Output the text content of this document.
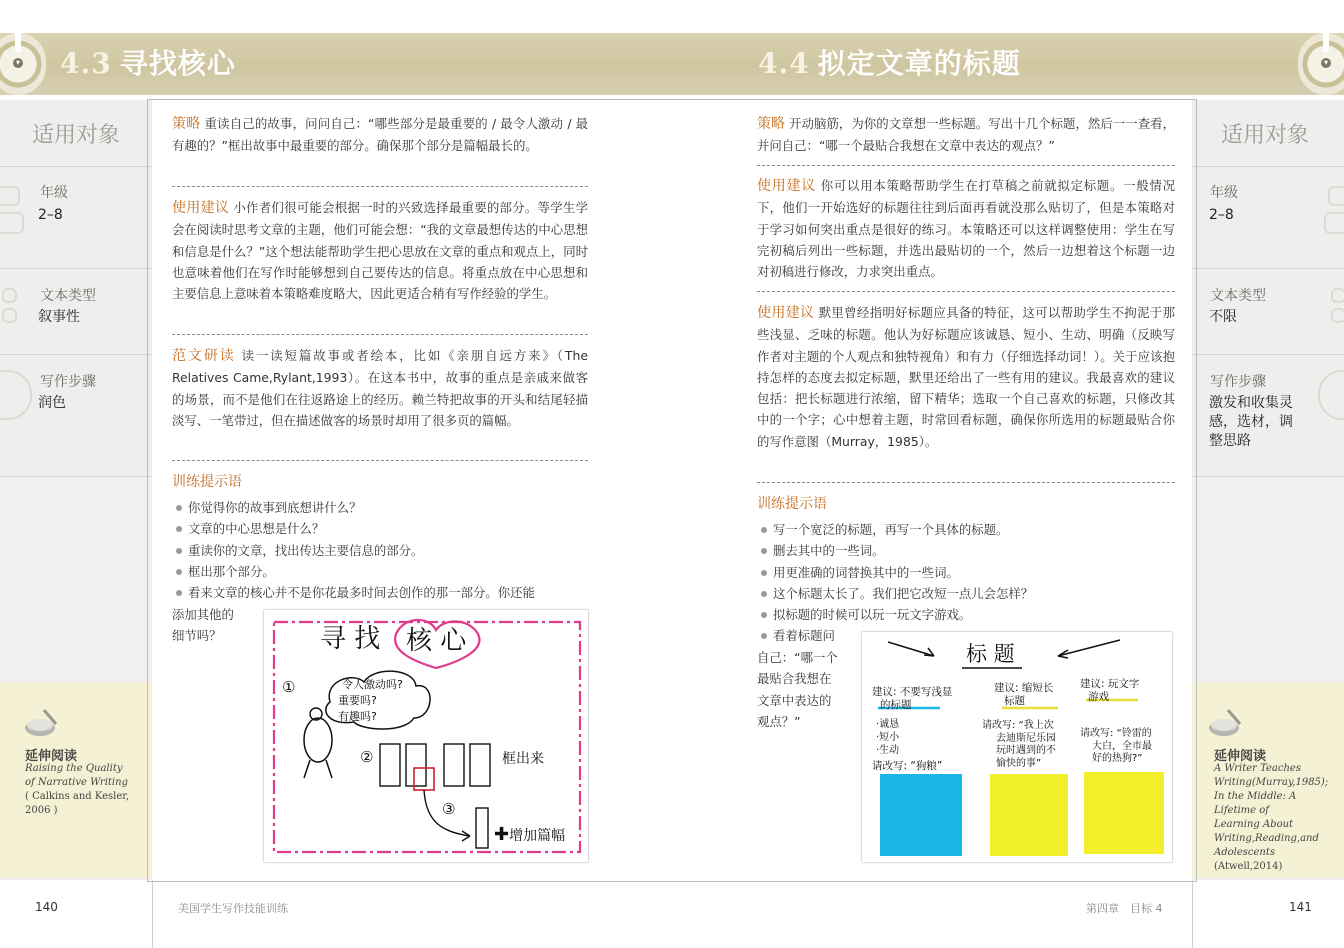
▾	▾
4.3 寻找核心	4.4 拟定文章的标题
适用对象
年级
2–8
文本类型
叙事性
写作步骤
润色
延伸阅读
Raising the Quality
of Narrative Writing
( Calkins and Kesler,
2006 )
适用对象
年级
2–8
文本类型
不限
写作步骤
激发和收集灵
感，选材，调
整思路
延伸阅读
A Writer Teaches
Writing(Murray,1985);
In the Middle: A
Lifetime of
Learning About
Writing,Reading,and
Adolescents
(Atwell,2014)
策略 重读自己的故事，问问自己：“哪些部分是最重要的 / 最令人激动 / 最有趣的？”框出故事中最重要的部分。确保那个部分是篇幅最长的。
使用建议 小作者们很可能会根据一时的兴致选择最重要的部分。等学生学会在阅读时思考文章的主题，他们可能会想：“我的文章最想传达的中心思想和信息是什么？”这个想法能帮助学生把心思放在文章的重点和观点上，同时也意味着他们在写作时能够想到自己要传达的信息。将重点放在中心思想和主要信息上意味着本策略难度略大，因此更适合稍有写作经验的学生。
范文研读 读一读短篇故事或者绘本，比如《亲朋自远方来》（The Relatives Came,Rylant,1993）。在这本书中，故事的重点是亲戚来做客的场景，而不是他们在往返路途上的经历。赖兰特把故事的开头和结尾轻描淡写、一笔带过，但在描述做客的场景时却用了很多页的篇幅。
训练提示语
你觉得你的故事到底想讲什么？
文章的中心思想是什么？
重读你的文章，找出传达主要信息的部分。
框出那个部分。
看来文章的核心并不是你花最多时间去创作的那一部分。你还能
添加其他的
细节吗？	寻 找 核 心
令人激动吗?
重要吗?
有趣吗?
①
②
③
框出来
✚增加篇幅
策略 开动脑筋，为你的文章想一些标题。写出十几个标题，然后一一查看，并问自己：“哪一个最贴合我想在文章中表达的观点？”
使用建议 你可以用本策略帮助学生在打草稿之前就拟定标题。一般情况下，他们一开始选好的标题往往到后面再看就没那么贴切了，但是本策略对于学习如何突出重点是很好的练习。本策略还可以这样调整使用：学生在写完初稿后列出一些标题，并选出最贴切的一个，然后一边想着这个标题一边对初稿进行修改，力求突出重点。
使用建议 默里曾经指明好标题应具备的特征，这可以帮助学生不拘泥于那些浅显、乏味的标题。他认为好标题应该诚恳、短小、生动、明确（反映写作者对主题的个人观点和独特视角）和有力（仔细选择动词！）。关于应该抱持怎样的态度去拟定标题，默里还给出了一些有用的建议。我最喜欢的建议包括：把长标题进行浓缩，留下精华；选取一个自己喜欢的标题，只修改其中的一个字；心中想着主题，时常回看标题，确保你所选用的标题最贴合你的写作意图（Murray，1985）。
训练提示语
写一个宽泛的标题，再写一个具体的标题。
删去其中的一些词。
用更准确的词替换其中的一些词。
这个标题太长了。我们把它改短一点儿会怎样？
拟标题的时候可以玩一玩文字游戏。
看着标题问
自己：“哪一个
最贴合我想在
文章中表达的
观点？”
标 题
建议: 不要写浅显
的标题
建议: 缩短长
标题
建议: 玩文字
游戏
·诚恳
·短小
·生动
请改写: “狗粮”
请改写: “我上次
去迪斯尼乐园
玩时遇到的不
愉快的事”
请改写: “铃雷的
大白，全市最
好的热狗?”
140	美国学生写作技能训练	第四章　目标 4	141
